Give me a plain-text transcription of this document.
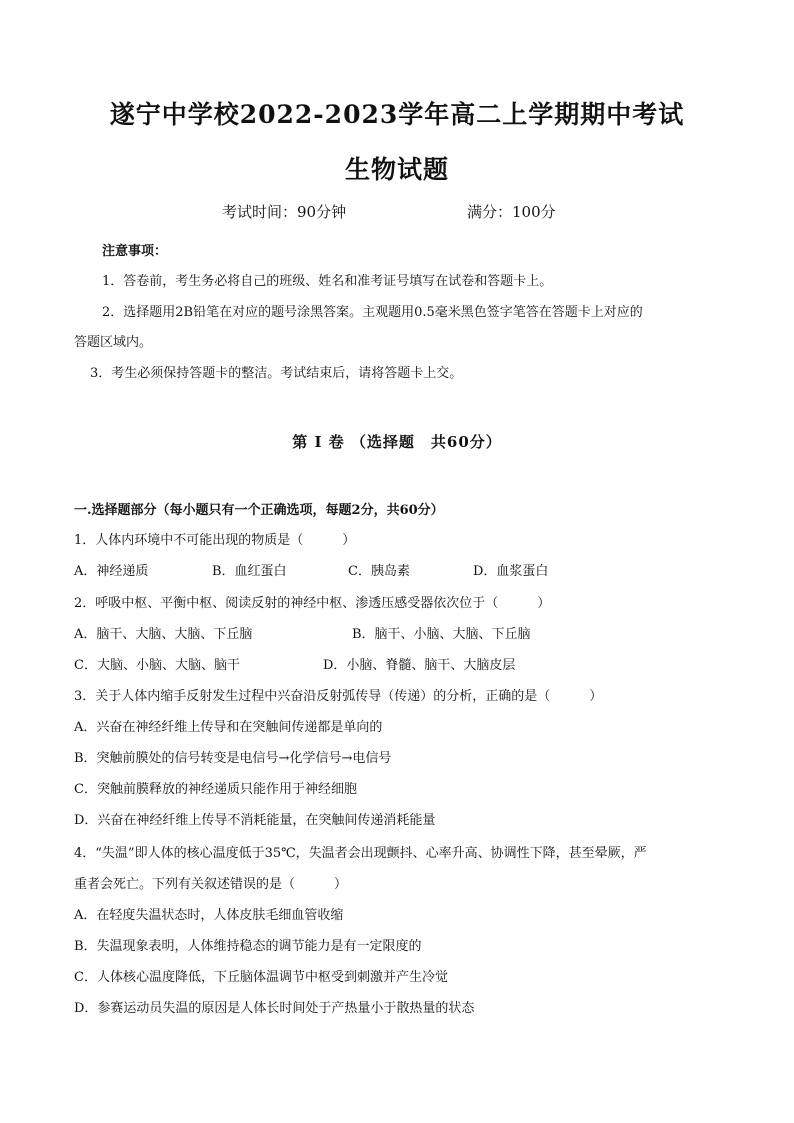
遂宁中学校2022-2023学年高二上学期期中考试
生物试题
考试时间：90分钟	满分：100分
注意事项：
1．答卷前，考生务必将自己的班级、姓名和准考证号填写在试卷和答题卡上。
2．选择题用2B铅笔在对应的题号涂黑答案。主观题用0.5毫米黑色签字笔答在答题卡上对应的
答题区域内。
3．考生必须保持答题卡的整洁。考试结束后，请将答题卡上交。
第 Ⅰ 卷 （选择题　共60分）
一.选择题部分（每小题只有一个正确选项，每题2分，共60分）
1．人体内环境中不可能出现的物质是（　　　）
A．神经递质	B．血红蛋白	C．胰岛素	D．血浆蛋白
2．呼吸中枢、平衡中枢、阅读反射的神经中枢、渗透压感受器依次位于（　　　）
A．脑干、大脑、大脑、下丘脑	B．脑干、小脑、大脑、下丘脑
C．大脑、小脑、大脑、脑干	D．小脑、脊髓、脑干、大脑皮层
3．关于人体内缩手反射发生过程中兴奋沿反射弧传导（传递）的分析，正确的是（　　　）
A．兴奋在神经纤维上传导和在突触间传递都是单向的
B．突触前膜处的信号转变是电信号→化学信号→电信号
C．突触前膜释放的神经递质只能作用于神经细胞
D．兴奋在神经纤维上传导不消耗能量，在突触间传递消耗能量
4．“失温”即人体的核心温度低于35℃，失温者会出现颤抖、心率升高、协调性下降，甚至晕厥，严
重者会死亡。下列有关叙述错误的是（　　　）
A．在轻度失温状态时，人体皮肤毛细血管收缩
B．失温现象表明，人体维持稳态的调节能力是有一定限度的
C．人体核心温度降低，下丘脑体温调节中枢受到刺激并产生冷觉
D．参赛运动员失温的原因是人体长时间处于产热量小于散热量的状态
